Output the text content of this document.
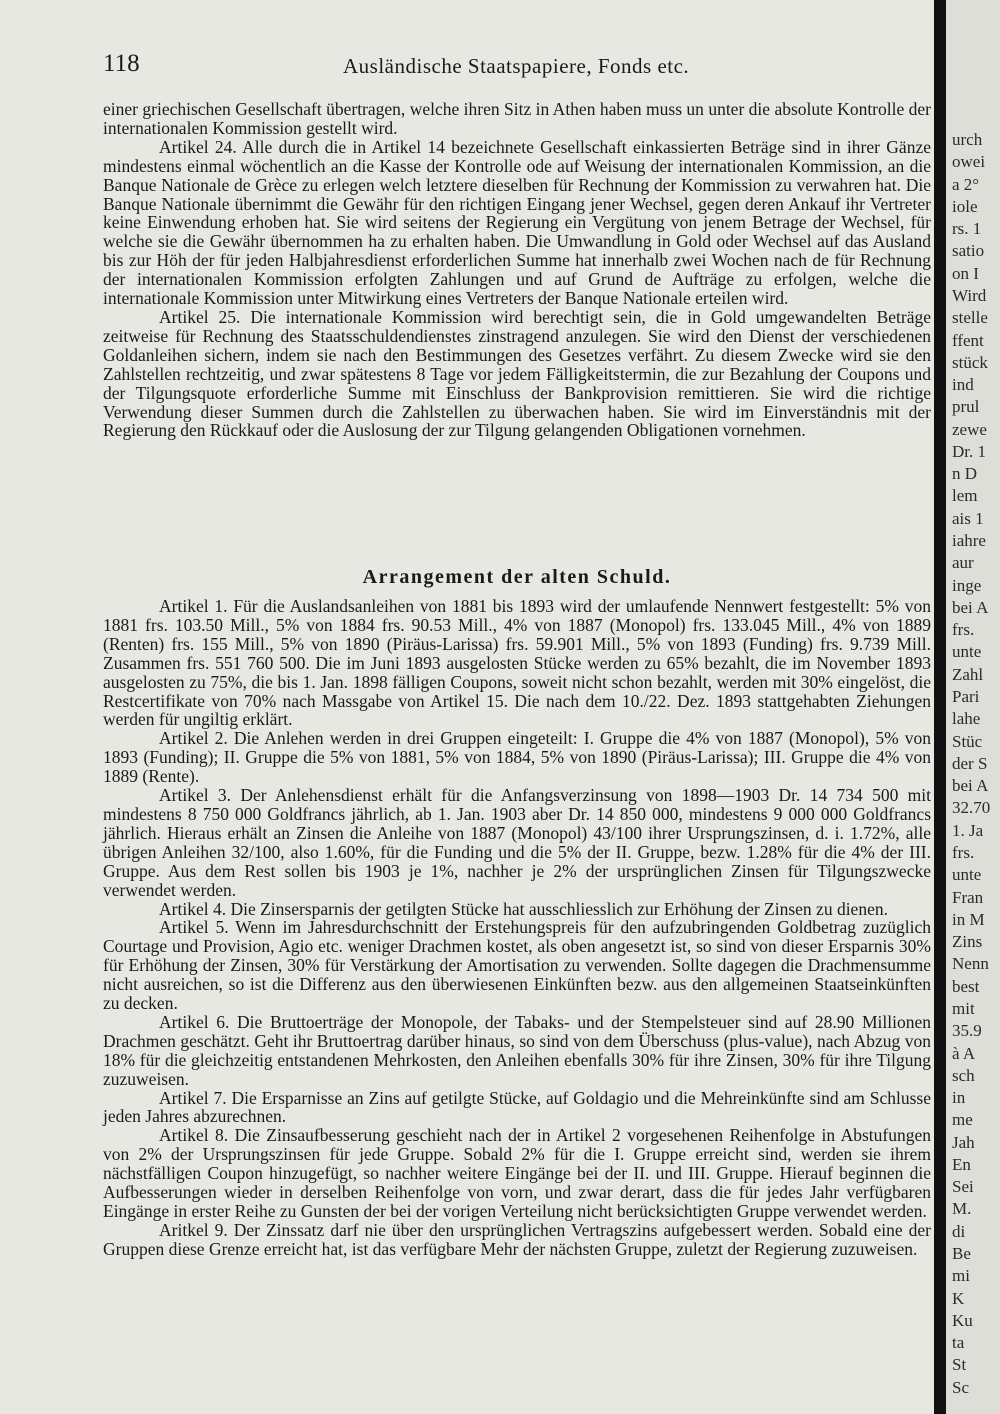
118	Ausländische Staatspapiere, Fonds etc.

einer griechischen Gesellschaft übertragen, welche ihren Sitz in Athen haben muss un unter die absolute Kontrolle der internationalen Kommission gestellt wird.

Artikel 24. Alle durch die in Artikel 14 bezeichnete Gesellschaft einkassierten Beträge sind in ihrer Gänze mindestens einmal wöchentlich an die Kasse der Kontrolle ode auf Weisung der internationalen Kommission, an die Banque Nationale de Grèce zu erlegen welch letztere dieselben für Rechnung der Kommission zu verwahren hat. Die Banque Nationale übernimmt die Gewähr für den richtigen Eingang jener Wechsel, gegen deren Ankauf ihr Vertreter keine Einwendung erhoben hat. Sie wird seitens der Regierung ein Vergütung von jenem Betrage der Wechsel, für welche sie die Gewähr übernommen ha zu erhalten haben. Die Umwandlung in Gold oder Wechsel auf das Ausland bis zur Höh der für jeden Halbjahresdienst erforderlichen Summe hat innerhalb zwei Wochen nach de für Rechnung der internationalen Kommission erfolgten Zahlungen und auf Grund de Aufträge zu erfolgen, welche die internationale Kommission unter Mitwirkung eines Vertreters der Banque Nationale erteilen wird.

Artikel 25. Die internationale Kommission wird berechtigt sein, die in Gold umgewandelten Beträge zeitweise für Rechnung des Staatsschuldendienstes zinstragend anzulegen. Sie wird den Dienst der verschiedenen Goldanleihen sichern, indem sie nach den Bestimmungen des Gesetzes verfährt. Zu diesem Zwecke wird sie den Zahlstellen rechtzeitig, und zwar spätestens 8 Tage vor jedem Fälligkeitstermin, die zur Bezahlung der Coupons und der Tilgungsquote erforderliche Summe mit Einschluss der Bankprovision remittieren. Sie wird die richtige Verwendung dieser Summen durch die Zahlstellen zu überwachen haben. Sie wird im Einverständnis mit der Regierung den Rückkauf oder die Auslosung der zur Tilgung gelangenden Obligationen vornehmen.

Arrangement der alten Schuld.

Artikel 1. Für die Auslandsanleihen von 1881 bis 1893 wird der umlaufende Nennwert festgestellt: 5% von 1881 frs. 103.50 Mill., 5% von 1884 frs. 90.53 Mill., 4% von 1887 (Monopol) frs. 133.045 Mill., 4% von 1889 (Renten) frs. 155 Mill., 5% von 1890 (Piräus-Larissa) frs. 59.901 Mill., 5% von 1893 (Funding) frs. 9.739 Mill. Zusammen frs. 551 760 500. Die im Juni 1893 ausgelosten Stücke werden zu 65% bezahlt, die im November 1893 ausgelosten zu 75%, die bis 1. Jan. 1898 fälligen Coupons, soweit nicht schon bezahlt, werden mit 30% eingelöst, die Restcertifikate von 70% nach Massgabe von Artikel 15. Die nach dem 10./22. Dez. 1893 stattgehabten Ziehungen werden für ungiltig erklärt.

Artikel 2. Die Anlehen werden in drei Gruppen eingeteilt: I. Gruppe die 4% von 1887 (Monopol), 5% von 1893 (Funding); II. Gruppe die 5% von 1881, 5% von 1884, 5% von 1890 (Piräus-Larissa); III. Gruppe die 4% von 1889 (Rente).

Artikel 3. Der Anlehensdienst erhält für die Anfangsverzinsung von 1898—1903 Dr. 14 734 500 mit mindestens 8 750 000 Goldfrancs jährlich, ab 1. Jan. 1903 aber Dr. 14 850 000, mindestens 9 000 000 Goldfrancs jährlich. Hieraus erhält an Zinsen die Anleihe von 1887 (Monopol) 43/100 ihrer Ursprungszinsen, d. i. 1.72%, alle übrigen Anleihen 32/100, also 1.60%, für die Funding und die 5% der II. Gruppe, bezw. 1.28% für die 4% der III. Gruppe. Aus dem Rest sollen bis 1903 je 1%, nachher je 2% der ursprünglichen Zinsen für Tilgungszwecke verwendet werden.

Artikel 4. Die Zinsersparnis der getilgten Stücke hat ausschliesslich zur Erhöhung der Zinsen zu dienen.

Artikel 5. Wenn im Jahresdurchschnitt der Erstehungspreis für den aufzubringenden Goldbetrag zuzüglich Courtage und Provision, Agio etc. weniger Drachmen kostet, als oben angesetzt ist, so sind von dieser Ersparnis 30% für Erhöhung der Zinsen, 30% für Verstärkung der Amortisation zu verwenden. Sollte dagegen die Drachmensumme nicht ausreichen, so ist die Differenz aus den überwiesenen Einkünften bezw. aus den allgemeinen Staatseinkünften zu decken.

Artikel 6. Die Bruttoerträge der Monopole, der Tabaks- und der Stempelsteuer sind auf 28.90 Millionen Drachmen geschätzt. Geht ihr Bruttoertrag darüber hinaus, so sind von dem Überschuss (plus-value), nach Abzug von 18% für die gleichzeitig entstandenen Mehrkosten, den Anleihen ebenfalls 30% für ihre Zinsen, 30% für ihre Tilgung zuzuweisen.

Artikel 7. Die Ersparnisse an Zins auf getilgte Stücke, auf Goldagio und die Mehreinkünfte sind am Schlusse jeden Jahres abzurechnen.

Artikel 8. Die Zinsaufbesserung geschieht nach der in Artikel 2 vorgesehenen Reihenfolge in Abstufungen von 2% der Ursprungszinsen für jede Gruppe. Sobald 2% für die I. Gruppe erreicht sind, werden sie ihrem nächstfälligen Coupon hinzugefügt, so nachher weitere Eingänge bei der II. und III. Gruppe. Hierauf beginnen die Aufbesserungen wieder in derselben Reihenfolge von vorn, und zwar derart, dass die für jedes Jahr verfügbaren Eingänge in erster Reihe zu Gunsten der bei der vorigen Verteilung nicht berücksichtigten Gruppe verwendet werden.

Aritkel 9. Der Zinssatz darf nie über den ursprünglichen Vertragszins aufgebessert werden. Sobald eine der Gruppen diese Grenze erreicht hat, ist das verfügbare Mehr der nächsten Gruppe, zuletzt der Regierung zuzuweisen.

urch
owei
a 2°
iole
rs. 1
satio
on I
Wird
stelle
ffent
stück
ind
prul
zewe
Dr. 1
n D
lem
ais 1
iahre
aur
inge
bei A
frs.
unte
Zahl
Pari
lahe
Stüc
der S
bei A
32.70
1. Ja
frs.
unte
Fran
in M
Zins
Nenn
best
mit
35.9
à A
sch
in
me
Jah
En
Sei
M.
di
Be
mi
K
Ku
ta
St
Sc
